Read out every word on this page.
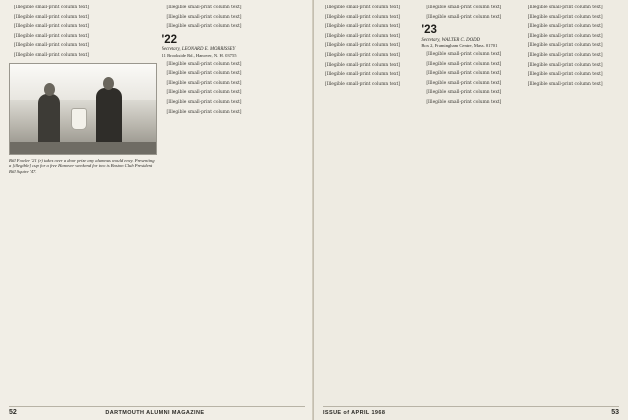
[Illegible small-print column text]

[Illegible small-print column text]

[Illegible small-print column text]

[Illegible small-print column text]

[Illegible small-print column text]

[Illegible small-print column text]

Bill Fowler '21 (r) takes over a door prize any alumnus would envy. Presenting a [illegible] cup for a free Hanover weekend for two is Boston Club President Bill Squire '47.

[Illegible small-print column text]

[Illegible small-print column text]

[Illegible small-print column text]

'22
Secretary, LEONARD E. MORRISSEY
11 Brookside Rd., Hanover, N. H. 03755

[Illegible small-print column text]

[Illegible small-print column text]

[Illegible small-print column text]

[Illegible small-print column text]

[Illegible small-print column text]

[Illegible small-print column text]

52	DARTMOUTH ALUMNI MAGAZINE

[Illegible small-print column text]

[Illegible small-print column text]

[Illegible small-print column text]

[Illegible small-print column text]

[Illegible small-print column text]

[Illegible small-print column text]

[Illegible small-print column text]

[Illegible small-print column text]

[Illegible small-print column text]

[Illegible small-print column text]

[Illegible small-print column text]

'23
Secretary, WALTER C. DODD
Box 2, Framingham Centre, Mass. 01701

[Illegible small-print column text]

[Illegible small-print column text]

[Illegible small-print column text]

[Illegible small-print column text]

[Illegible small-print column text]

[Illegible small-print column text]

[Illegible small-print column text]

[Illegible small-print column text]

[Illegible small-print column text]

[Illegible small-print column text]

[Illegible small-print column text]

[Illegible small-print column text]

[Illegible small-print column text]

[Illegible small-print column text]

[Illegible small-print column text]

ISSUE of APRIL 1968	53
